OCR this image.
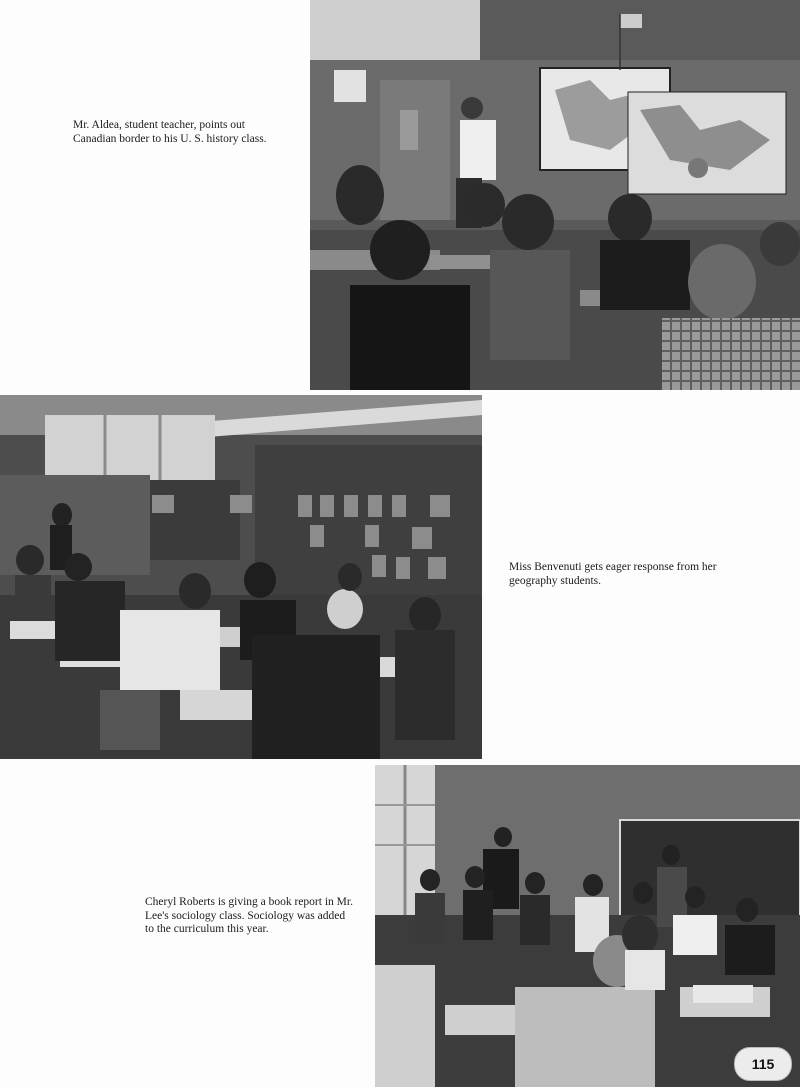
Mr. Aldea, student teacher, points out Canadian border to his U. S. history class.
Miss Benvenuti gets eager response from her geography students.
Cheryl Roberts is giving a book report in Mr. Lee's sociology class. Sociology was added to the curriculum this year.
115
